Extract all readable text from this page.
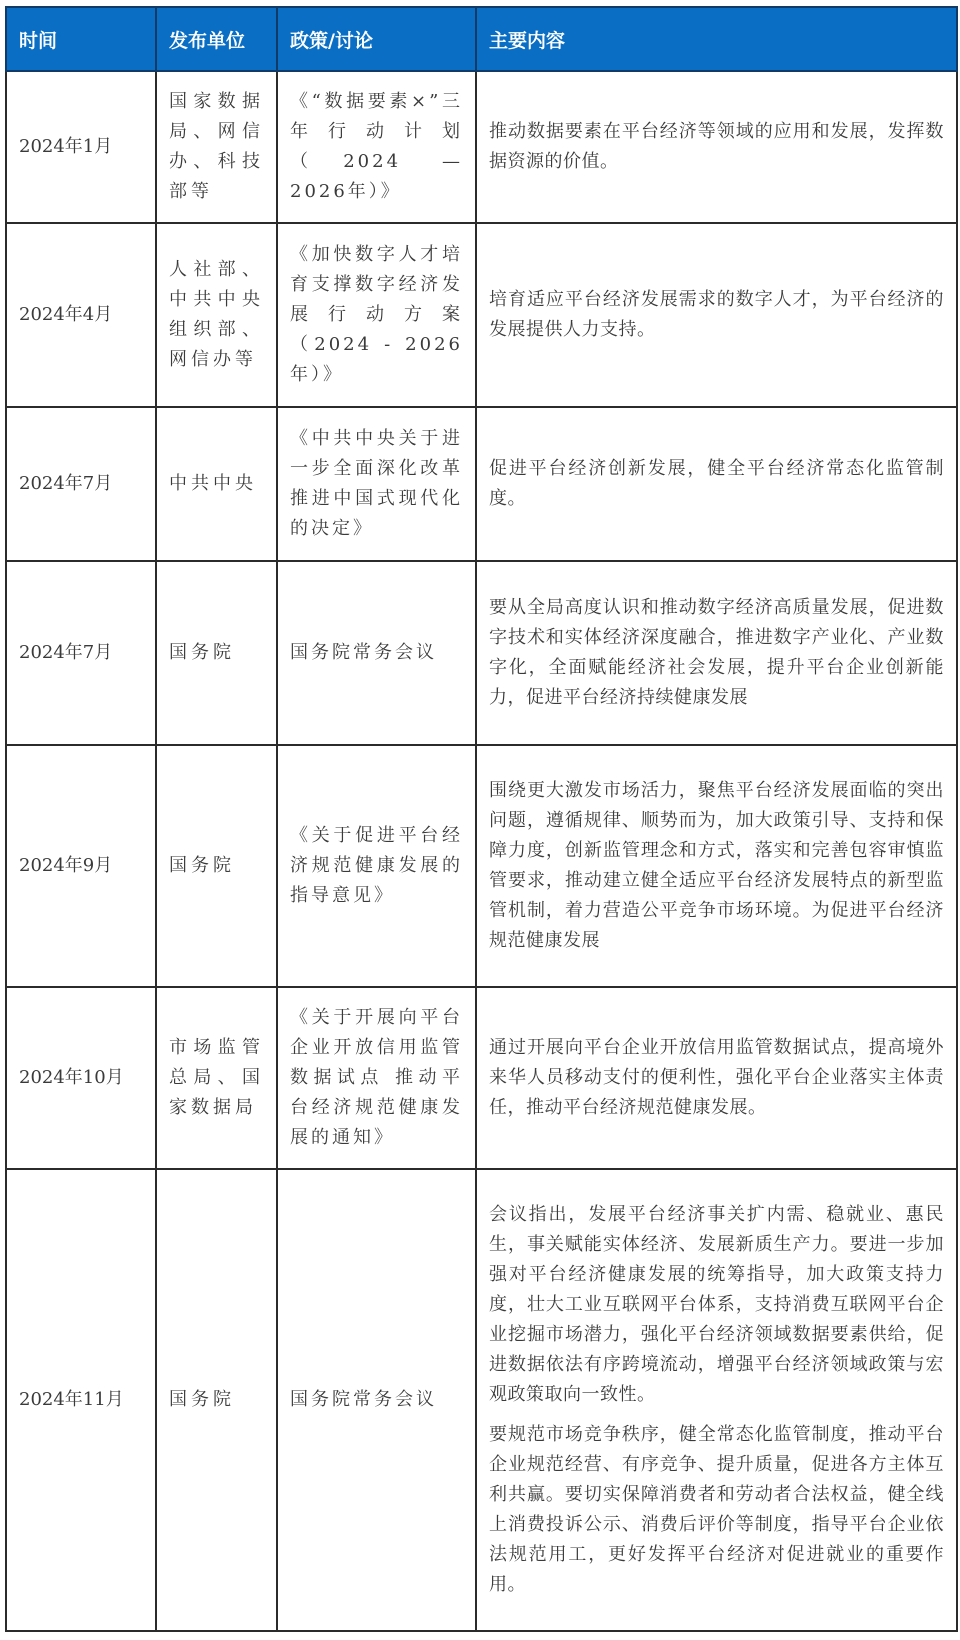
时间	发布单位	政策/讨论	主要内容
2024年1月	国家数据局、网信办、科技部等	《“数据要素×”三年行动计划（2024 — 2026年）》	推动数据要素在平台经济等领域的应用和发展，发挥数据资源的价值。

2024年4月	人社部、中共中央组织部、网信办等	《加快数字人才培育支撑数字经济发展行动方案（2024 - 2026年）》	培育适应平台经济发展需求的数字人才，为平台经济的发展提供人力支持。

2024年7月	中共中央	《中共中央关于进一步全面深化改革　推进中国式现代化的决定》	促进平台经济创新发展，健全平台经济常态化监管制度。

2024年7月	国务院	国务院常务会议	要从全局高度认识和推动数字经济高质量发展，促进数字技术和实体经济深度融合，推进数字产业化、产业数字化，全面赋能经济社会发展，提升平台企业创新能力，促进平台经济持续健康发展

2024年9月	国务院	《关于促进平台经济规范健康发展的指导意见》	围绕更大激发市场活力，聚焦平台经济发展面临的突出问题，遵循规律、顺势而为，加大政策引导、支持和保障力度，创新监管理念和方式，落实和完善包容审慎监管要求，推动建立健全适应平台经济发展特点的新型监管机制，着力营造公平竞争市场环境。为促进平台经济规范健康发展

2024年10月	市场监管总局、国家数据局	《关于开展向平台企业开放信用监管数据试点 推动平台经济规范健康发展的通知》	通过开展向平台企业开放信用监管数据试点，提高境外来华人员移动支付的便利性，强化平台企业落实主体责任，推动平台经济规范健康发展。

2024年11月	国务院	国务院常务会议	会议指出，发展平台经济事关扩内需、稳就业、惠民生，事关赋能实体经济、发展新质生产力。要进一步加强对平台经济健康发展的统筹指导，加大政策支持力度，壮大工业互联网平台体系，支持消费互联网平台企业挖掘市场潜力，强化平台经济领域数据要素供给，促进数据依法有序跨境流动，增强平台经济领域政策与宏观政策取向一致性。

要规范市场竞争秩序，健全常态化监管制度，推动平台企业规范经营、有序竞争、提升质量，促进各方主体互利共赢。要切实保障消费者和劳动者合法权益，健全线上消费投诉公示、消费后评价等制度，指导平台企业依法规范用工，更好发挥平台经济对促进就业的重要作用。
